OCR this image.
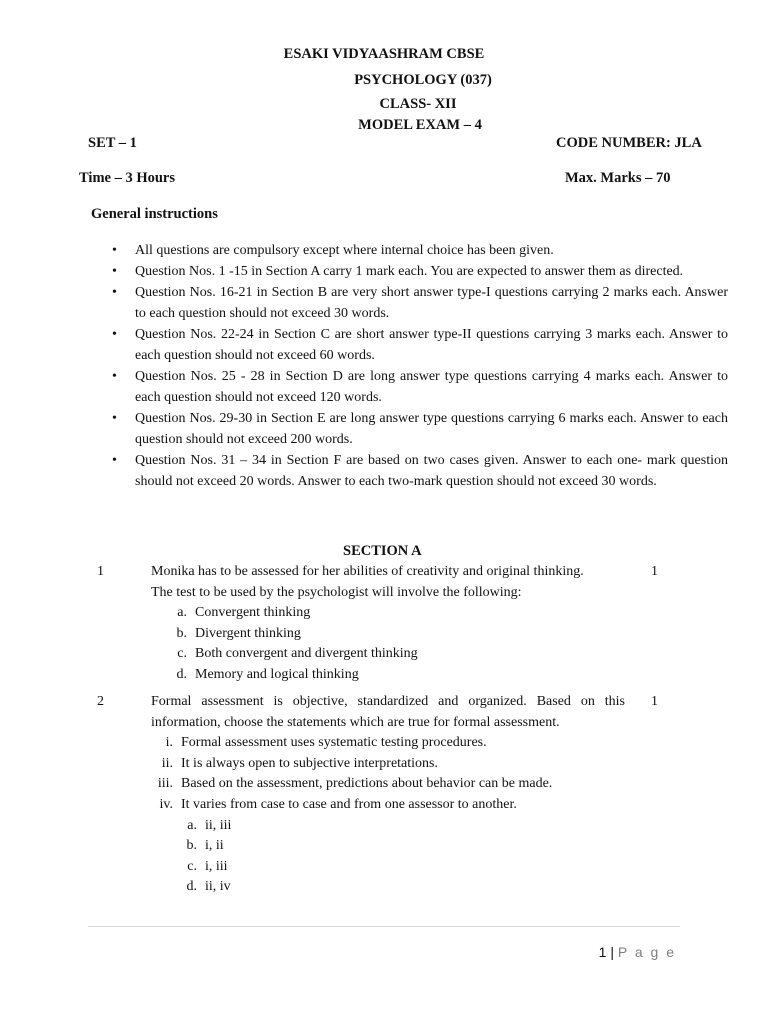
ESAKI VIDYAASHRAM CBSE
PSYCHOLOGY (037)
CLASS- XII
MODEL EXAM – 4
SET – 1	CODE NUMBER: JLA
Time – 3 Hours	Max. Marks – 70
General instructions
• All questions are compulsory except where internal choice has been given.
• Question Nos. 1 -15 in Section A carry 1 mark each. You are expected to answer them as directed.
• Question Nos. 16-21 in Section B are very short answer type-I questions carrying 2 marks each. Answer to each question should not exceed 30 words.
• Question Nos. 22-24 in Section C are short answer type-II questions carrying 3 marks each. Answer to each question should not exceed 60 words.
• Question Nos. 25 - 28 in Section D are long answer type questions carrying 4 marks each. Answer to each question should not exceed 120 words.
• Question Nos. 29-30 in Section E are long answer type questions carrying 6 marks each. Answer to each question should not exceed 200 words.
• Question Nos. 31 – 34 in Section F are based on two cases given. Answer to each one- mark question should not exceed 20 words. Answer to each two-mark question should not exceed 30 words.
SECTION A
1	Monika has to be assessed for her abilities of creativity and original thinking.
The test to be used by the psychologist will involve the following:
a. Convergent thinking
b. Divergent thinking
c. Both convergent and divergent thinking
d. Memory and logical thinking
1
2	Formal assessment is objective, standardized and organized. Based on this information, choose the statements which are true for formal assessment.
i. Formal assessment uses systematic testing procedures.
ii. It is always open to subjective interpretations.
iii. Based on the assessment, predictions about behavior can be made.
iv. It varies from case to case and from one assessor to another.
a. ii, iii
b. i, ii
c. i, iii
d. ii, iv
1
1 | P a g e
